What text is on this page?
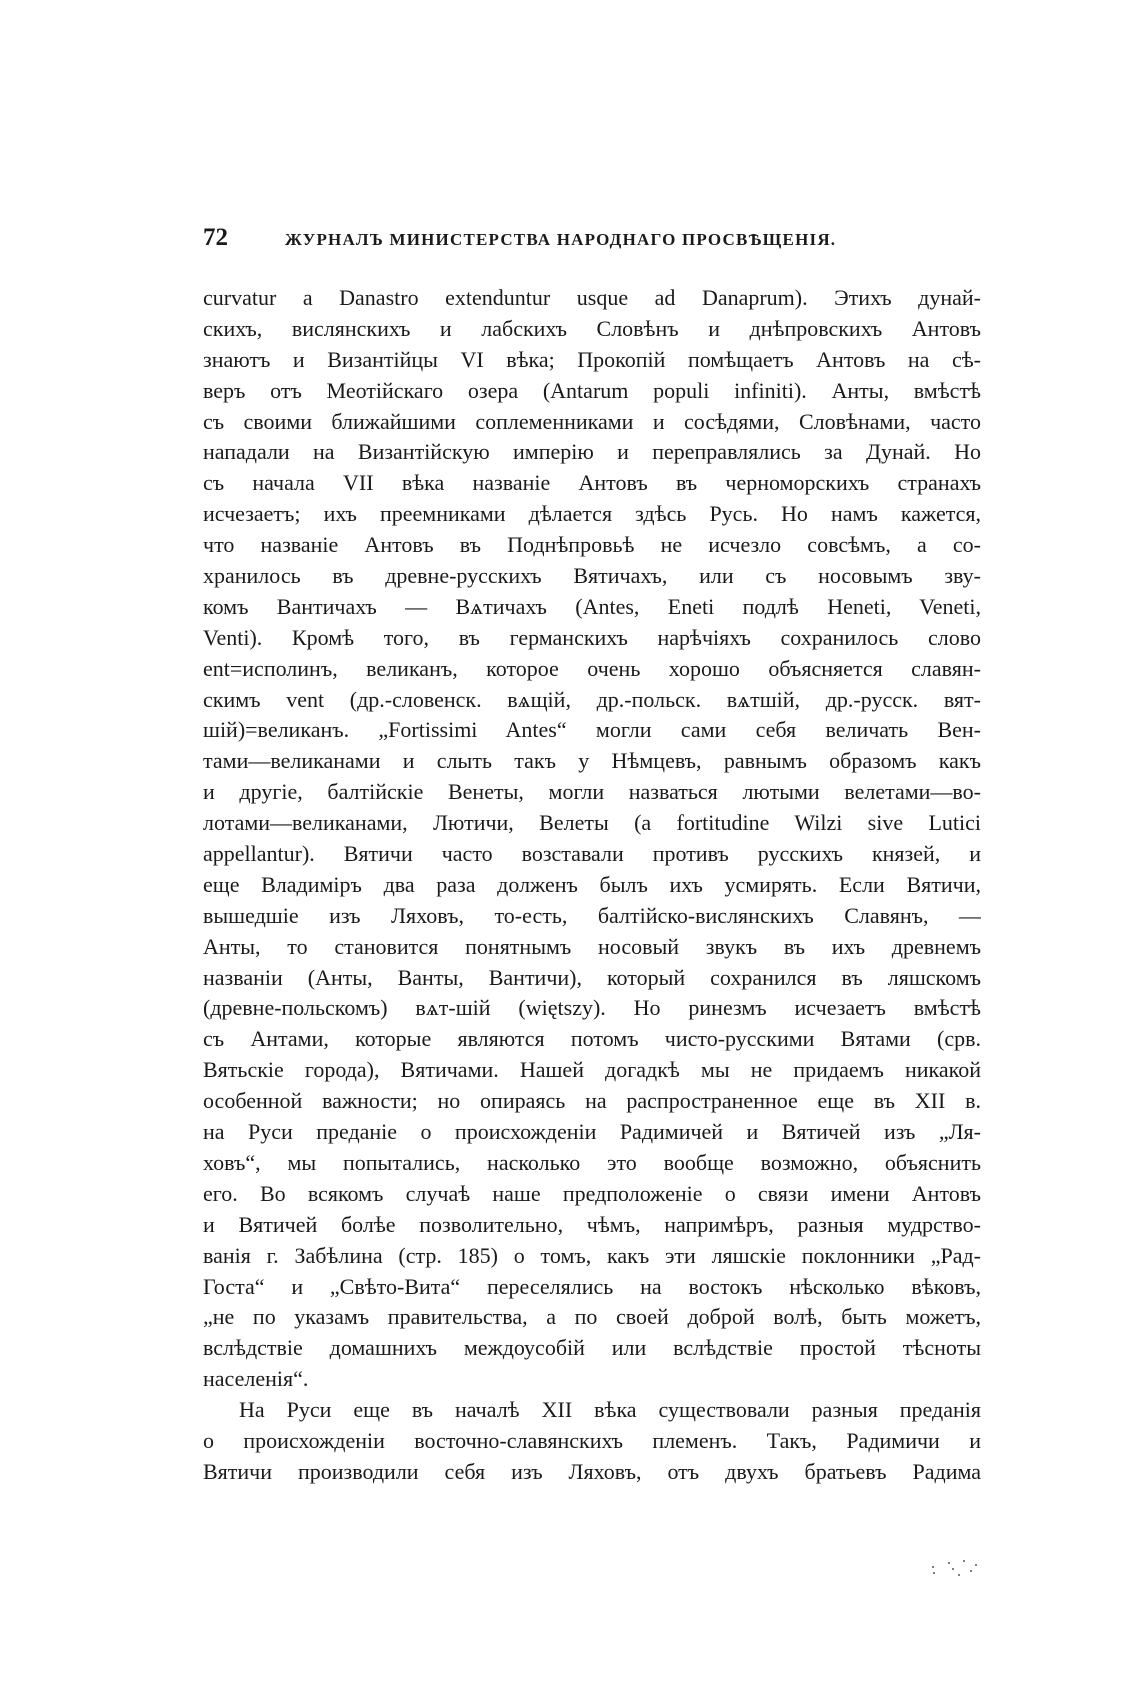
72	ЖУРНАЛЪ МИНИСТЕРСТВА НАРОДНАГО ПРОСВѢЩЕНІЯ.
curvatur a Danastro extenduntur usque ad Danaprum). Этихъ дунай-
скихъ, вислянскихъ и лабскихъ Словѣнъ и днѣпровскихъ Антовъ
знаютъ и Византійцы VI вѣка; Прокопій помѣщаетъ Антовъ на сѣ-
веръ отъ Меотійскаго озера (Antarum populi infiniti). Анты, вмѣстѣ
съ своими ближайшими соплеменниками и сосѣдями, Словѣнами, часто
нападали на Византійскую имперію и переправлялись за Дунай. Но
съ начала VII вѣка названіе Антовъ въ черноморскихъ странахъ
исчезаетъ; ихъ преемниками дѣлается здѣсь Русь. Но намъ кажется,
что названіе Антовъ въ Поднѣпровьѣ не исчезло совсѣмъ, а со-
хранилось въ древне-русскихъ Вятичахъ, или съ носовымъ зву-
комъ Вантичахъ — Вѧтичахъ (Antes, Eneti подлѣ Heneti, Veneti,
Venti). Кромѣ того, въ германскихъ нарѣчіяхъ сохранилось слово
ent=исполинъ, великанъ, которое очень хорошо объясняется славян-
скимъ vent (др.-словенск. вѧщій, др.-польск. вѧтшій, др.-русск. вят-
шій)=великанъ. „Fortissimi Antes“ могли сами себя величать Вен-
тами—великанами и слыть такъ у Нѣмцевъ, равнымъ образомъ какъ
и другіе, балтійскіе Венеты, могли назваться лютыми велетами—во-
лотами—великанами, Лютичи, Велеты (a fortitudine Wilzi sive Lutici
appellantur). Вятичи часто возставали противъ русскихъ князей, и
еще Владиміръ два раза долженъ былъ ихъ усмирять. Если Вятичи,
вышедшіе изъ Ляховъ, то-есть, балтійско-вислянскихъ Славянъ, —
Анты, то становится понятнымъ носовый звукъ въ ихъ древнемъ
названіи (Анты, Ванты, Вантичи), который сохранился въ ляшскомъ
(древне-польскомъ) вѧт-шій (więtszy). Но ринезмъ исчезаетъ вмѣстѣ
съ Антами, которые являются потомъ чисто-русскими Вятами (срв.
Вятьскіе города), Вятичами. Нашей догадкѣ мы не придаемъ никакой
особенной важности; но опираясь на распространенное еще въ XII в.
на Руси преданіе о происхожденіи Радимичей и Вятичей изъ „Ля-
ховъ“, мы попытались, насколько это вообще возможно, объяснить
его. Во всякомъ случаѣ наше предположеніе о связи имени Антовъ
и Вятичей болѣе позволительно, чѣмъ, напримѣръ, разныя мудрство-
ванія г. Забѣлина (стр. 185) о томъ, какъ эти ляшскіе поклонники „Рад-
Госта“ и „Свѣто-Вита“ переселялись на востокъ нѣсколько вѣковъ,
„не по указамъ правительства, а по своей доброй волѣ, быть можетъ,
вслѣдствіе домашнихъ междоусобій или вслѣдствіе простой тѣсноты
населенія“.
На Руси еще въ началѣ XII вѣка существовали разныя преданія
о происхожденіи восточно-славянскихъ племенъ. Такъ, Радимичи и
Вятичи производили себя изъ Ляховъ, отъ двухъ братьевъ Радима
